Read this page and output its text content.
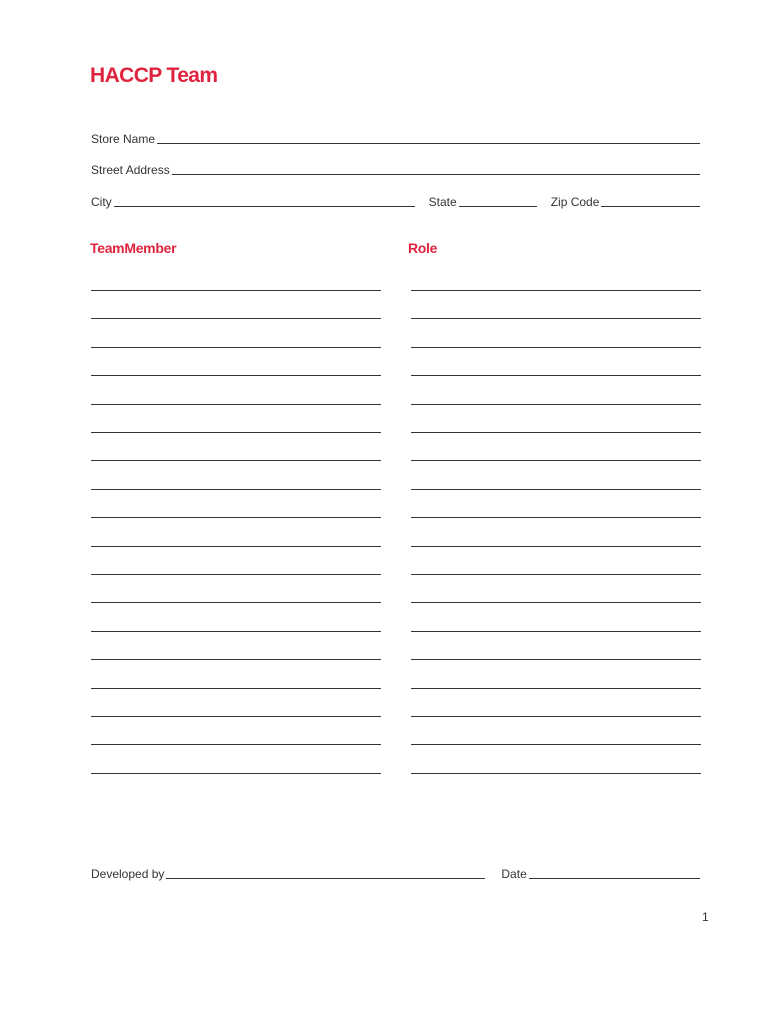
HACCP Team
Store Name
Street Address
City	State	Zip Code
TeamMember	Role
Developed by	Date
1
